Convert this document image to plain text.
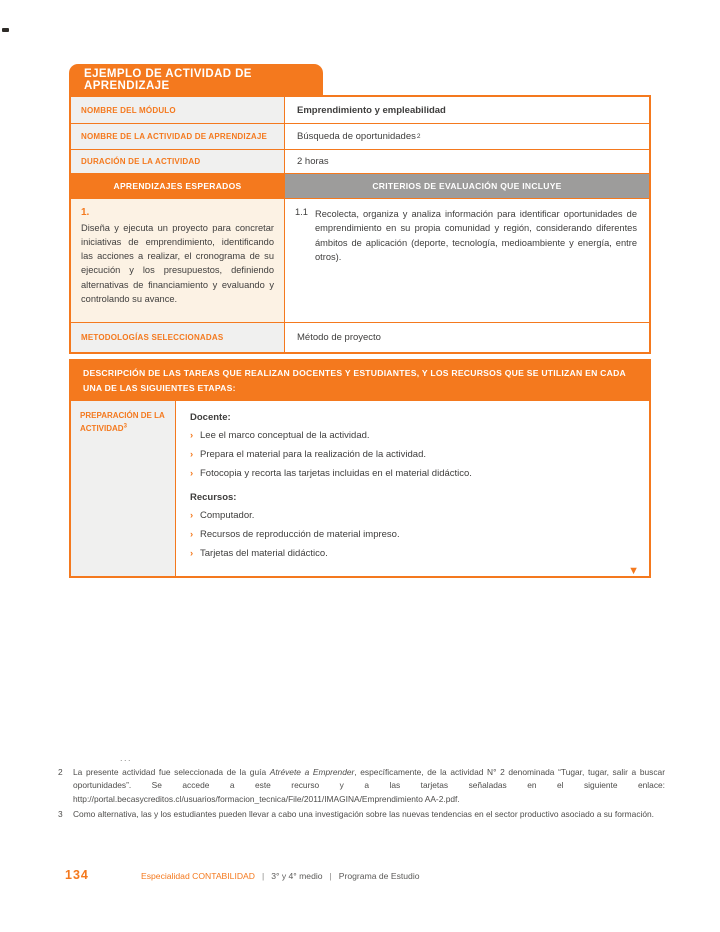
EJEMPLO DE ACTIVIDAD DE APRENDIZAJE
NOMBRE DEL MÓDULO	Emprendimiento y empleabilidad
NOMBRE DE LA ACTIVIDAD DE APRENDIZAJE	Búsqueda de oportunidades 2
DURACIÓN DE LA ACTIVIDAD	2 horas
APRENDIZAJES ESPERADOS	CRITERIOS DE EVALUACIÓN QUE INCLUYE
1.
Diseña y ejecuta un proyecto para concretar iniciativas de emprendimiento, identificando las acciones a realizar, el cronograma de su ejecución y los presupuestos, definiendo alternativas de financiamiento y evaluando y controlando su avance.
1.1 Recolecta, organiza y analiza información para identificar oportunidades de emprendimiento en su propia comunidad y región, considerando diferentes ámbitos de aplicación (deporte, tecnología, medioambiente y energía, entre otros).
METODOLOGÍAS SELECCIONADAS	Método de proyecto
DESCRIPCIÓN DE LAS TAREAS QUE REALIZAN DOCENTES Y ESTUDIANTES, Y LOS RECURSOS QUE SE UTILIZAN EN CADA UNA DE LAS SIGUIENTES ETAPAS:
PREPARACIÓN DE LA ACTIVIDAD$^3$
Docente:
› Lee el marco conceptual de la actividad.
› Prepara el material para la realización de la actividad.
› Fotocopia y recorta las tarjetas incluidas en el material didáctico.
Recursos:
› Computador.
› Recursos de reproducción de material impreso.
› Tarjetas del material didáctico.
▼
...
2	La presente actividad fue seleccionada de la guía Atrévete a Emprender, específicamente, de la actividad N° 2 denominada “Tugar, tugar, salir a buscar oportunidades”. Se accede a este recurso y a las tarjetas señaladas en el siguiente enlace: http://portal.becasycreditos.cl/usuarios/formacion_tecnica/File/2011/IMAGINA/Emprendimiento AA-2.pdf.
3	Como alternativa, las y los estudiantes pueden llevar a cabo una investigación sobre las nuevas tendencias en el sector productivo asociado a su formación.
134	Especialidad CONTABILIDAD | 3° y 4° medio | Programa de Estudio
